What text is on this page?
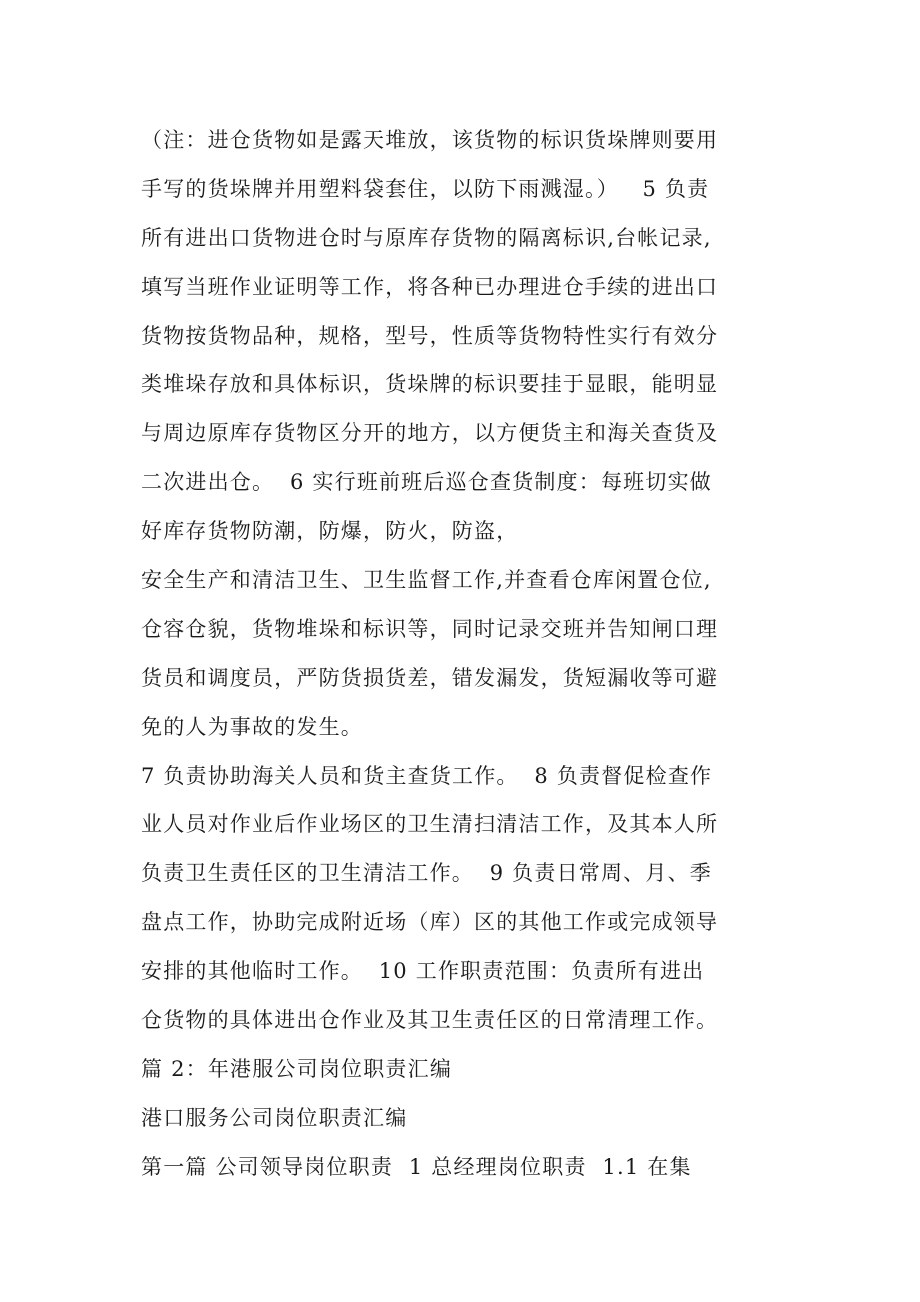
（注：进仓货物如是露天堆放，该货物的标识货垛牌则要用
手写的货垛牌并用塑料袋套住，以防下雨溅湿。）   5 负责
所有进出口货物进仓时与原库存货物的隔离标识,台帐记录,
填写当班作业证明等工作，将各种已办理进仓手续的进出口
货物按货物品种，规格，型号，性质等货物特性实行有效分
类堆垛存放和具体标识，货垛牌的标识要挂于显眼，能明显
与周边原库存货物区分开的地方，以方便货主和海关查货及
二次进出仓。  6 实行班前班后巡仓查货制度：每班切实做
好库存货物防潮，防爆，防火，防盗，
安全生产和清洁卫生、卫生监督工作,并查看仓库闲置仓位,
仓容仓貌，货物堆垛和标识等，同时记录交班并告知闸口理
货员和调度员，严防货损货差，错发漏发，货短漏收等可避
免的人为事故的发生。
7 负责协助海关人员和货主查货工作。  8 负责督促检查作
业人员对作业后作业场区的卫生清扫清洁工作，及其本人所
负责卫生责任区的卫生清洁工作。  9 负责日常周、月、季
盘点工作，协助完成附近场（库）区的其他工作或完成领导
安排的其他临时工作。  10 工作职责范围：负责所有进出
仓货物的具体进出仓作业及其卫生责任区的日常清理工作。
篇 2：年港服公司岗位职责汇编
港口服务公司岗位职责汇编
第一篇 公司领导岗位职责  1 总经理岗位职责  1.1 在集
